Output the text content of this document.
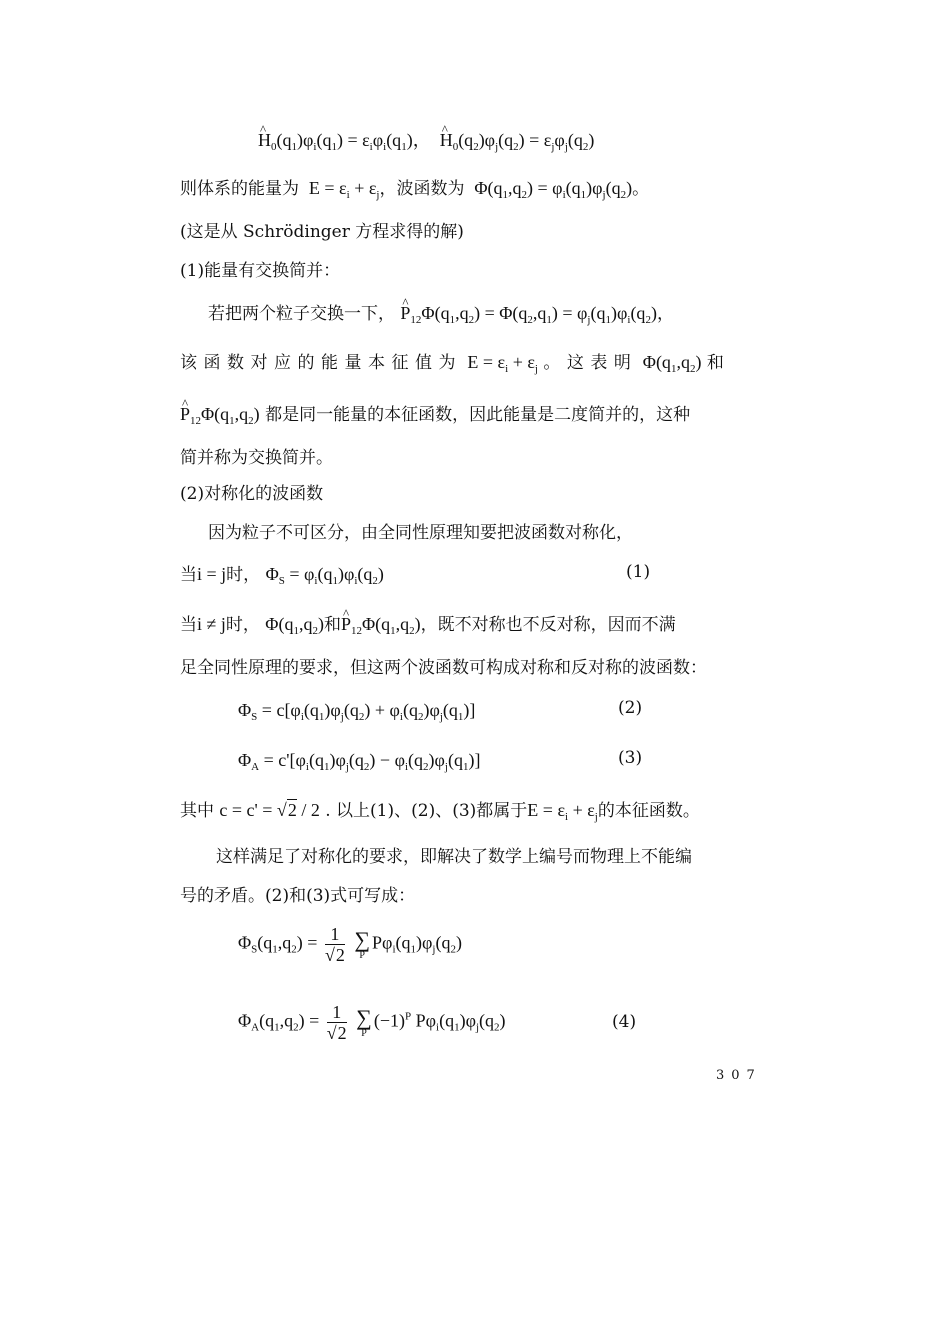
^ $H_0(q_1)\varphi_i(q_1) = \varepsilon_i\varphi_i(q_1)$，  ^ $H_0(q_2)\varphi_j(q_2) = \varepsilon_j\varphi_j(q_2)$
则体系的能量为  $E = \varepsilon_i + \varepsilon_j$，波函数为  $\Phi(q_1,q_2) = \varphi_i(q_1)\varphi_j(q_2)$。
(这是从 Schrödinger 方程求得的解)
(1)能量有交换简并：
若把两个粒子交换一下， ^ $P_{12}\Phi(q_1,q_2) = \Phi(q_2,q_1) = \varphi_j(q_1)\varphi_i(q_2)$，
该函数对应的能量本征值为 $E = \varepsilon_i + \varepsilon_j$ 。这表明 $\Phi(q_1,q_2)$ 和
^ $P_{12}\Phi(q_1,q_2)$ 都是同一能量的本征函数，因此能量是二度简并的，这种
简并称为交换简并。
(2)对称化的波函数
因为粒子不可区分，由全同性原理知要把波函数对称化，
当i = j时， $\Phi_S = \varphi_i(q_1)\varphi_i(q_2)$	(1)
当i ≠ j时， $\Phi(q_1,q_2)$和^ $P_{12}\Phi(q_1,q_2)$，既不对称也不反对称，因而不满
足全同性原理的要求，但这两个波函数可构成对称和反对称的波函数：
$\Phi_S = c[\varphi_i(q_1)\varphi_j(q_2) + \varphi_i(q_2)\varphi_j(q_1)]$	(2)
$\Phi_A = c'[\varphi_i(q_1)\varphi_j(q_2) - \varphi_i(q_2)\varphi_j(q_1)]$	(3)
其中 c = c' = √2 / 2 . 以上(1)、(2)、(3)都属于$E = \varepsilon_i + \varepsilon_j$的本征函数。
这样满足了对称化的要求，即解决了数学上编号而物理上不能编
号的矛盾。(2)和(3)式可写成：
$\Phi_S(q_1,q_2) = \frac{1}{√2}$
∑
P
$P\varphi_i(q_1)\varphi_j(q_2)$
$\Phi_A(q_1,q_2) = \frac{1}{√2}$
∑
P
$(-1)^P$ $P\varphi_i(q_1)\varphi_j(q_2)$	(4)
307
